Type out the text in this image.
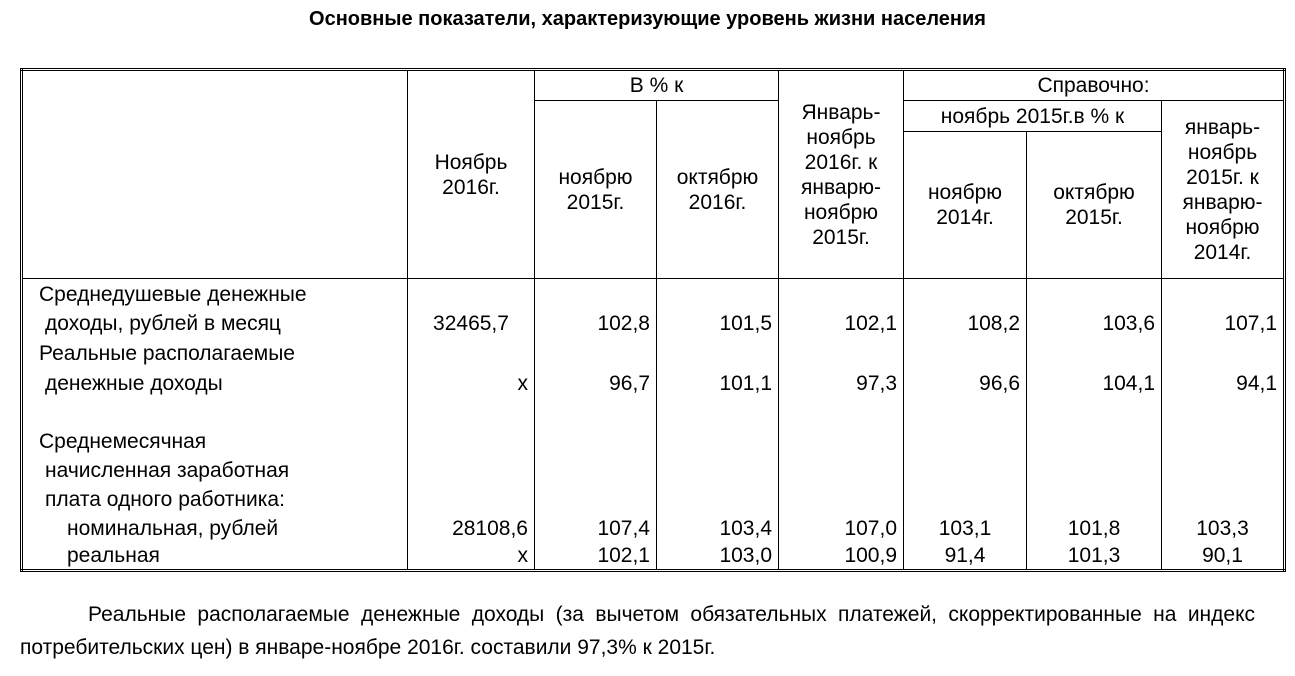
Основные показатели, характеризующие уровень жизни населения
	Ноябрь 2016г.	В % к		Январь-ноябрь 2016г. к январю-ноябрю 2015г.	Справочно:		
		ноябрю 2015г.	октябрю 2016г.		ноябрь 2015г.в % к		январь-ноябрь 2015г. к январю-ноябрю 2014г.
					ноябрю 2014г.	октябрю 2015г.	
Среднедушевые денежные							
доходы, рублей в месяц	32465,7	102,8	101,5	102,1	108,2	103,6	107,1
Реальные располагаемые							
денежные доходы	х	96,7	101,1	97,3	96,6	104,1	94,1

Среднемесячная							
начисленная заработная							
плата одного работника:							
номинальная, рублей	28108,6	107,4	103,4	107,0	103,1	101,8	103,3
реальная	х	102,1	103,0	100,9	91,4	101,3	90,1
Реальные располагаемые денежные доходы (за вычетом обязательных платежей, скорректированные на индекс потребительских цен) в январе-ноябре 2016г. составили 97,3% к 2015г.
